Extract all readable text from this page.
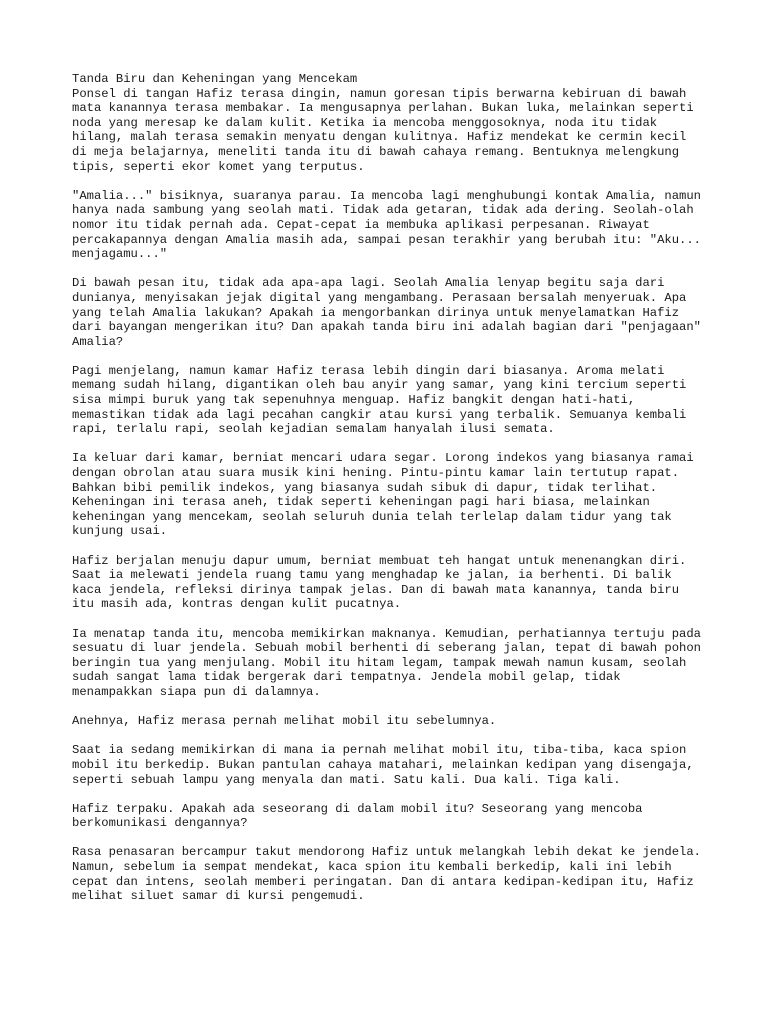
Tanda Biru dan Keheningan yang Mencekam

Ponsel di tangan Hafiz terasa dingin, namun goresan tipis berwarna kebiruan di bawah mata kanannya terasa membakar. Ia mengusapnya perlahan. Bukan luka, melainkan seperti noda yang meresap ke dalam kulit. Ketika ia mencoba menggosoknya, noda itu tidak hilang, malah terasa semakin menyatu dengan kulitnya. Hafiz mendekat ke cermin kecil di meja belajarnya, meneliti tanda itu di bawah cahaya remang. Bentuknya melengkung tipis, seperti ekor komet yang terputus.

"Amalia..." bisiknya, suaranya parau. Ia mencoba lagi menghubungi kontak Amalia, namun hanya nada sambung yang seolah mati. Tidak ada getaran, tidak ada dering. Seolah-olah nomor itu tidak pernah ada. Cepat-cepat ia membuka aplikasi perpesanan. Riwayat percakapannya dengan Amalia masih ada, sampai pesan terakhir yang berubah itu: "Aku... menjagamu..."

Di bawah pesan itu, tidak ada apa-apa lagi. Seolah Amalia lenyap begitu saja dari dunianya, menyisakan jejak digital yang mengambang. Perasaan bersalah menyeruak. Apa yang telah Amalia lakukan? Apakah ia mengorbankan dirinya untuk menyelamatkan Hafiz dari bayangan mengerikan itu? Dan apakah tanda biru ini adalah bagian dari "penjagaan" Amalia?

Pagi menjelang, namun kamar Hafiz terasa lebih dingin dari biasanya. Aroma melati memang sudah hilang, digantikan oleh bau anyir yang samar, yang kini tercium seperti sisa mimpi buruk yang tak sepenuhnya menguap. Hafiz bangkit dengan hati-hati, memastikan tidak ada lagi pecahan cangkir atau kursi yang terbalik. Semuanya kembali rapi, terlalu rapi, seolah kejadian semalam hanyalah ilusi semata.

Ia keluar dari kamar, berniat mencari udara segar. Lorong indekos yang biasanya ramai dengan obrolan atau suara musik kini hening. Pintu-pintu kamar lain tertutup rapat. Bahkan bibi pemilik indekos, yang biasanya sudah sibuk di dapur, tidak terlihat. Keheningan ini terasa aneh, tidak seperti keheningan pagi hari biasa, melainkan keheningan yang mencekam, seolah seluruh dunia telah terlelap dalam tidur yang tak kunjung usai.

Hafiz berjalan menuju dapur umum, berniat membuat teh hangat untuk menenangkan diri. Saat ia melewati jendela ruang tamu yang menghadap ke jalan, ia berhenti. Di balik kaca jendela, refleksi dirinya tampak jelas. Dan di bawah mata kanannya, tanda biru itu masih ada, kontras dengan kulit pucatnya.

Ia menatap tanda itu, mencoba memikirkan maknanya. Kemudian, perhatiannya tertuju pada sesuatu di luar jendela. Sebuah mobil berhenti di seberang jalan, tepat di bawah pohon beringin tua yang menjulang. Mobil itu hitam legam, tampak mewah namun kusam, seolah sudah sangat lama tidak bergerak dari tempatnya. Jendela mobil gelap, tidak menampakkan siapa pun di dalamnya.

Anehnya, Hafiz merasa pernah melihat mobil itu sebelumnya.

Saat ia sedang memikirkan di mana ia pernah melihat mobil itu, tiba-tiba, kaca spion mobil itu berkedip. Bukan pantulan cahaya matahari, melainkan kedipan yang disengaja, seperti sebuah lampu yang menyala dan mati. Satu kali. Dua kali. Tiga kali.

Hafiz terpaku. Apakah ada seseorang di dalam mobil itu? Seseorang yang mencoba berkomunikasi dengannya?

Rasa penasaran bercampur takut mendorong Hafiz untuk melangkah lebih dekat ke jendela. Namun, sebelum ia sempat mendekat, kaca spion itu kembali berkedip, kali ini lebih cepat dan intens, seolah memberi peringatan. Dan di antara kedipan-kedipan itu, Hafiz melihat siluet samar di kursi pengemudi.
